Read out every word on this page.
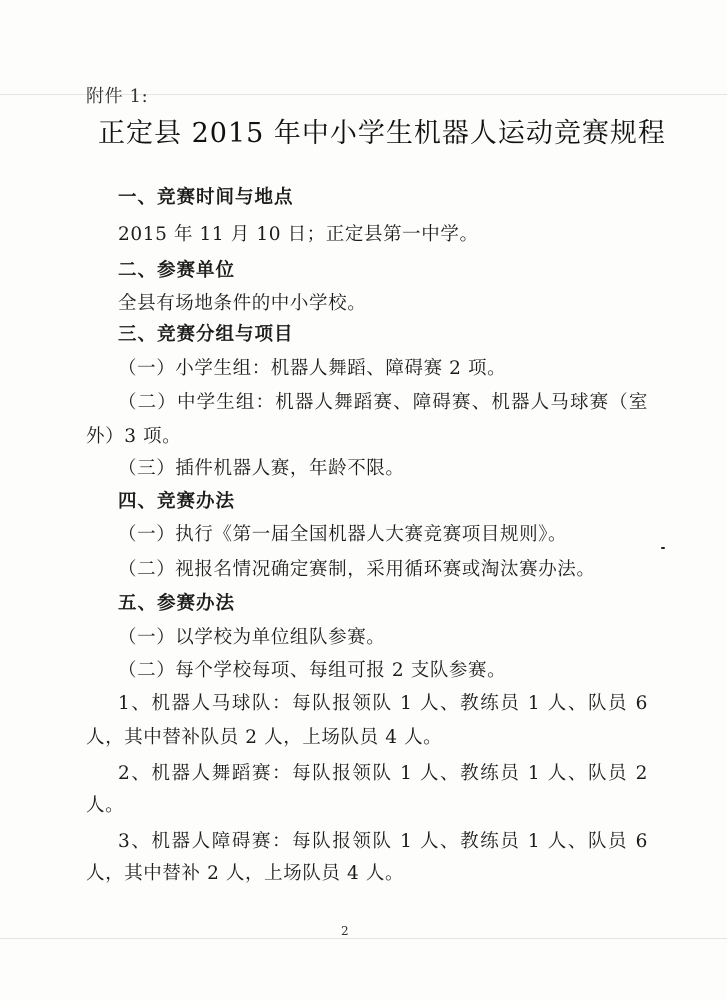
附件 1:
正定县 2015 年中小学生机器人运动竞赛规程
一、竞赛时间与地点
2015 年 11 月 10 日；正定县第一中学。
二、参赛单位
全县有场地条件的中小学校。
三、竞赛分组与项目
（一）小学生组：机器人舞蹈、障碍赛 2 项。
（二）中学生组：机器人舞蹈赛、障碍赛、机器人马球赛（室
外）3 项。
（三）插件机器人赛，年龄不限。
四、竞赛办法
（一）执行《第一届全国机器人大赛竞赛项目规则》。
（二）视报名情况确定赛制，采用循环赛或淘汰赛办法。
五、参赛办法
（一）以学校为单位组队参赛。
（二）每个学校每项、每组可报 2 支队参赛。
1、机器人马球队：每队报领队 1 人、教练员 1 人、队员 6
人，其中替补队员 2 人，上场队员 4 人。
2、机器人舞蹈赛：每队报领队 1 人、教练员 1 人、队员 2
人。
3、机器人障碍赛：每队报领队 1 人、教练员 1 人、队员 6
人，其中替补 2 人，上场队员 4 人。
2
